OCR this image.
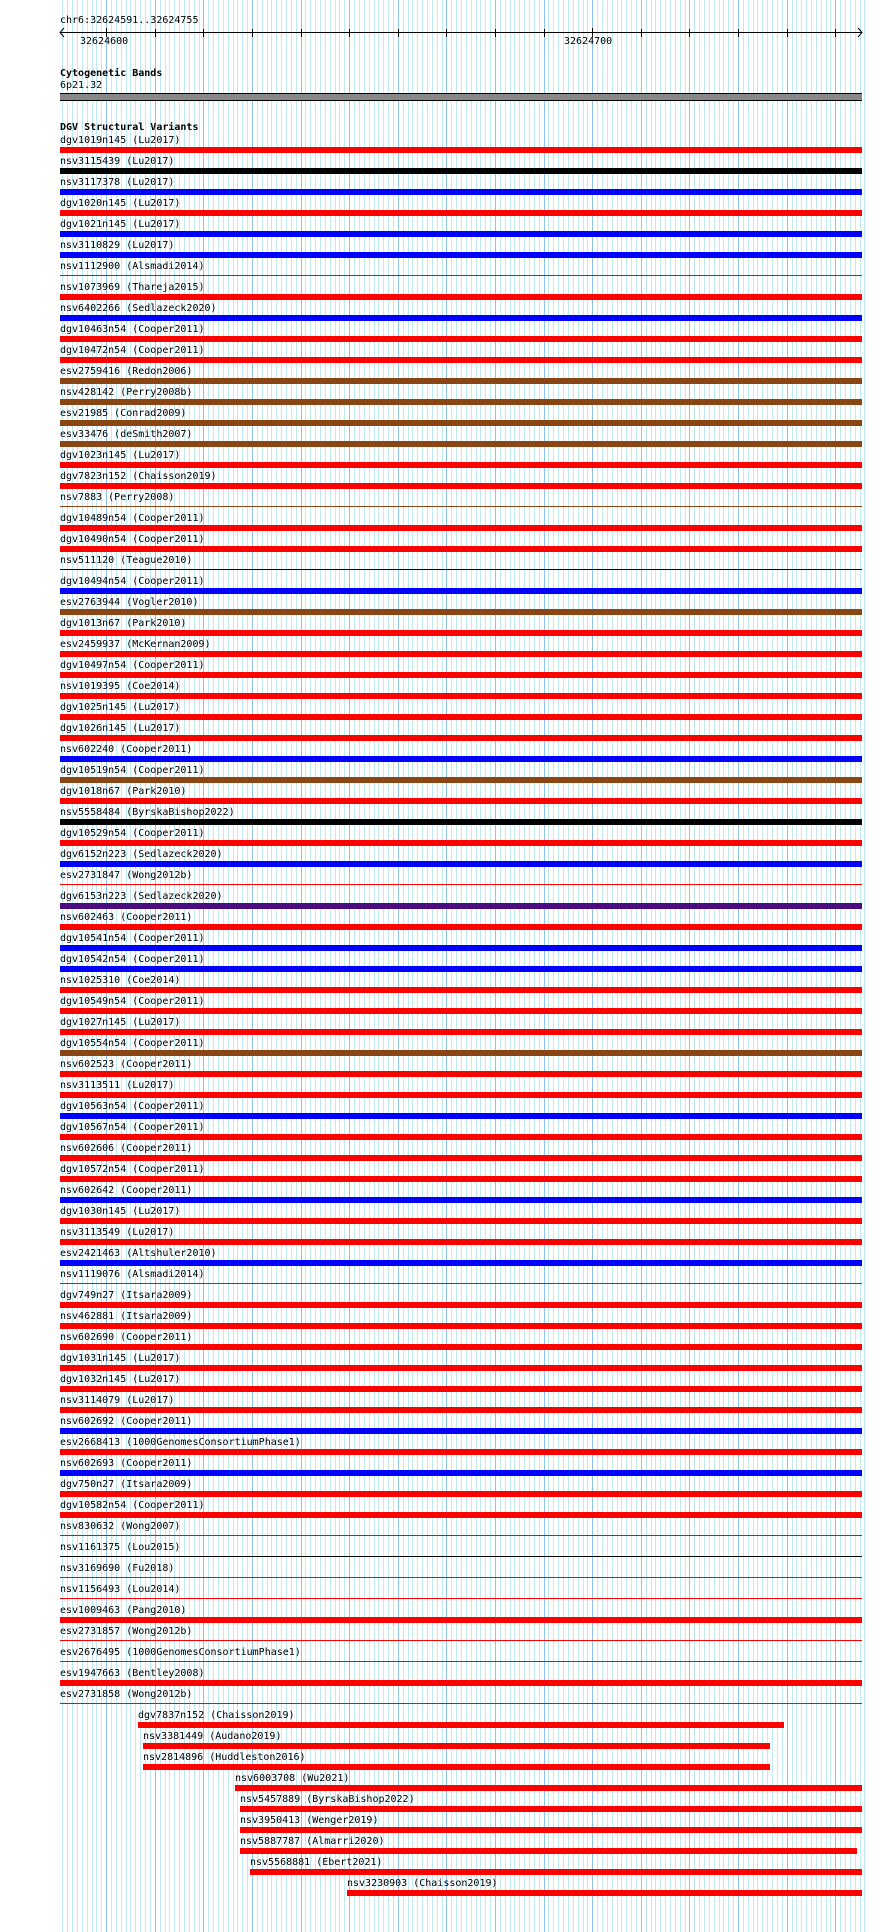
chr6:32624591..32624755
32624600	32624700
Cytogenetic Bands
6p21.32
DGV Structural Variants
dgv1019n145 (Lu2017)
nsv3115439 (Lu2017)
nsv3117378 (Lu2017)
dgv1020n145 (Lu2017)
dgv1021n145 (Lu2017)
nsv3110829 (Lu2017)
nsv1112900 (Alsmadi2014)
nsv1073969 (Thareja2015)
nsv6402266 (Sedlazeck2020)
dgv10463n54 (Cooper2011)
dgv10472n54 (Cooper2011)
esv2759416 (Redon2006)
nsv428142 (Perry2008b)
esv21985 (Conrad2009)
esv33476 (deSmith2007)
dgv1023n145 (Lu2017)
dgv7823n152 (Chaisson2019)
nsv7883 (Perry2008)
dgv10489n54 (Cooper2011)
dgv10490n54 (Cooper2011)
nsv511120 (Teague2010)
dgv10494n54 (Cooper2011)
esv2763944 (Vogler2010)
dgv1013n67 (Park2010)
esv2459937 (McKernan2009)
dgv10497n54 (Cooper2011)
nsv1019395 (Coe2014)
dgv1025n145 (Lu2017)
dgv1026n145 (Lu2017)
nsv602240 (Cooper2011)
dgv10519n54 (Cooper2011)
dgv1018n67 (Park2010)
nsv5558484 (ByrskaBishop2022)
dgv10529n54 (Cooper2011)
dgv6152n223 (Sedlazeck2020)
esv2731847 (Wong2012b)
dgv6153n223 (Sedlazeck2020)
nsv602463 (Cooper2011)
dgv10541n54 (Cooper2011)
dgv10542n54 (Cooper2011)
nsv1025310 (Coe2014)
dgv10549n54 (Cooper2011)
dgv1027n145 (Lu2017)
dgv10554n54 (Cooper2011)
nsv602523 (Cooper2011)
nsv3113511 (Lu2017)
dgv10563n54 (Cooper2011)
dgv10567n54 (Cooper2011)
nsv602606 (Cooper2011)
dgv10572n54 (Cooper2011)
nsv602642 (Cooper2011)
dgv1030n145 (Lu2017)
nsv3113549 (Lu2017)
esv2421463 (Altshuler2010)
nsv1119076 (Alsmadi2014)
dgv749n27 (Itsara2009)
nsv462881 (Itsara2009)
nsv602690 (Cooper2011)
dgv1031n145 (Lu2017)
dgv1032n145 (Lu2017)
nsv3114079 (Lu2017)
nsv602692 (Cooper2011)
esv2668413 (1000GenomesConsortiumPhase1)
nsv602693 (Cooper2011)
dgv750n27 (Itsara2009)
dgv10582n54 (Cooper2011)
nsv830632 (Wong2007)
nsv1161375 (Lou2015)
nsv3169690 (Fu2018)
nsv1156493 (Lou2014)
esv1009463 (Pang2010)
esv2731857 (Wong2012b)
esv2676495 (1000GenomesConsortiumPhase1)
esv1947663 (Bentley2008)
esv2731858 (Wong2012b)
dgv7837n152 (Chaisson2019)
nsv3381449 (Audano2019)
nsv2814896 (Huddleston2016)
nsv6003708 (Wu2021)
nsv5457889 (ByrskaBishop2022)
nsv3950413 (Wenger2019)
nsv5887787 (Almarri2020)
nsv5568881 (Ebert2021)
nsv3230903 (Chaisson2019)
